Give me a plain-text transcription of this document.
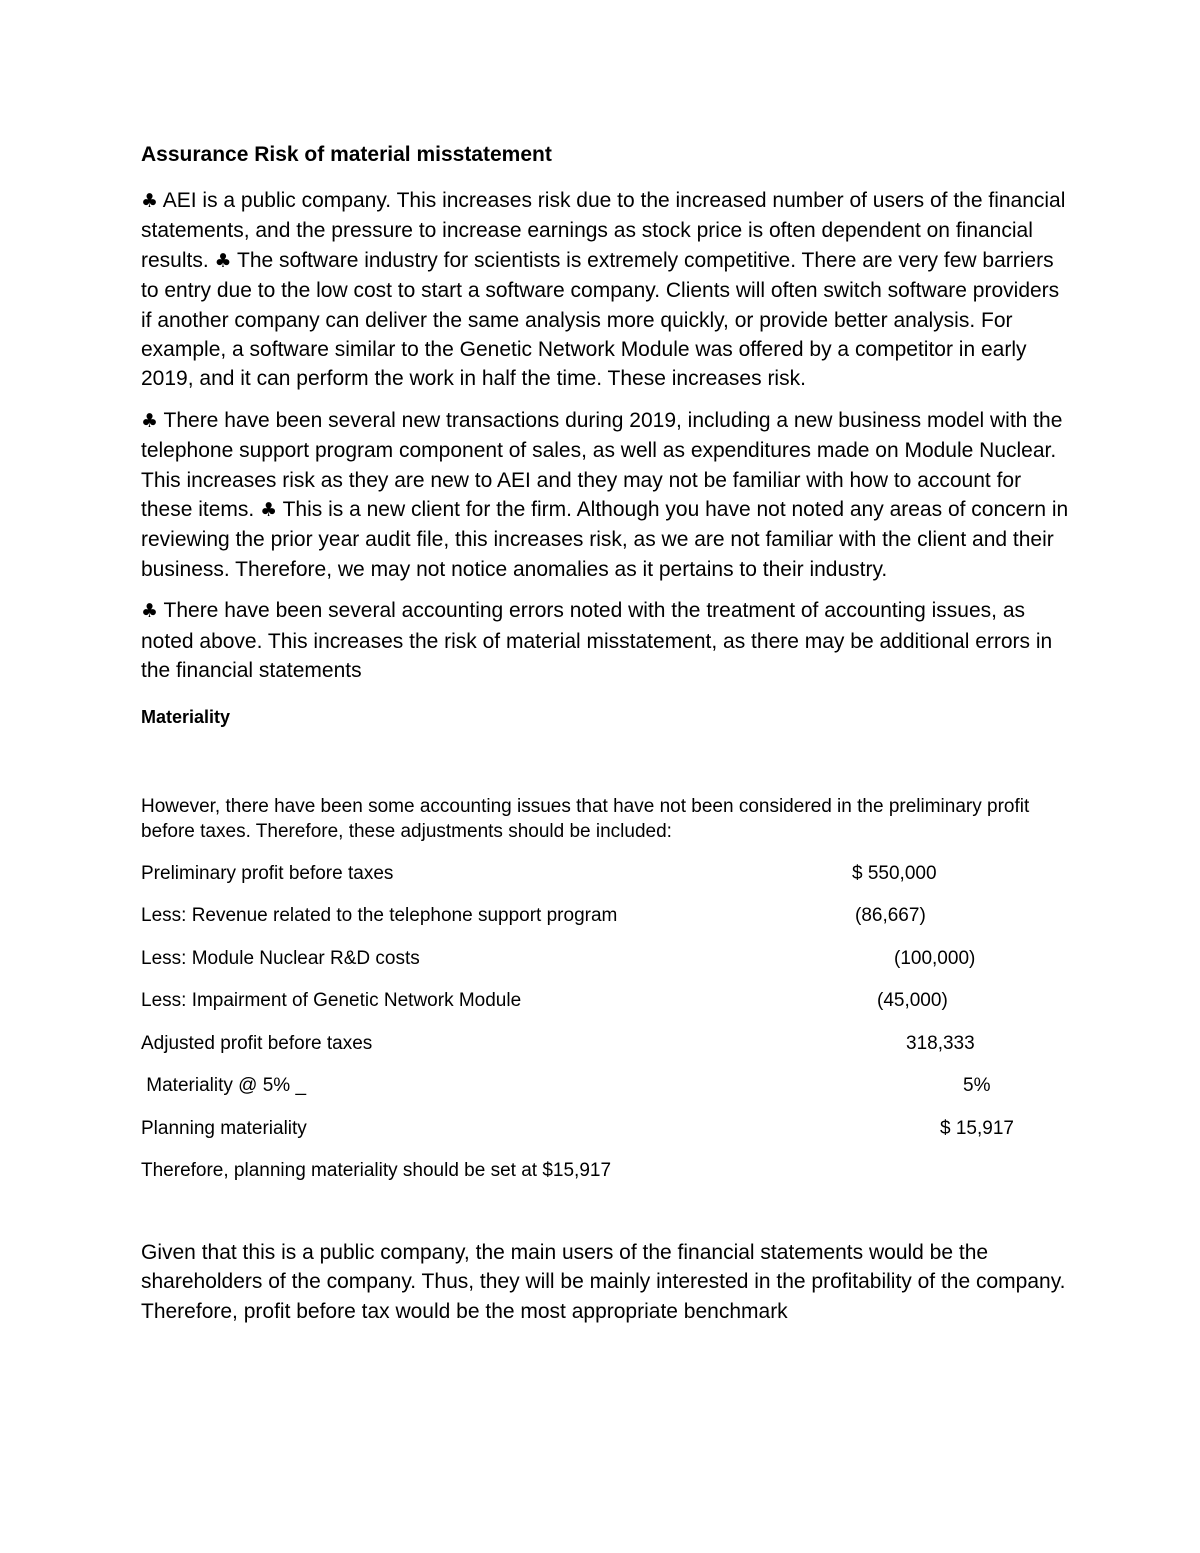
Assurance Risk of material misstatement

♣ AEI is a public company. This increases risk due to the increased number of users of the financial statements, and the pressure to increase earnings as stock price is often dependent on financial results. ♣ The software industry for scientists is extremely competitive. There are very few barriers to entry due to the low cost to start a software company. Clients will often switch software providers if another company can deliver the same analysis more quickly, or provide better analysis. For example, a software similar to the Genetic Network Module was offered by a competitor in early 2019, and it can perform the work in half the time. These increases risk.

♣ There have been several new transactions during 2019, including a new business model with the telephone support program component of sales, as well as expenditures made on Module Nuclear. This increases risk as they are new to AEI and they may not be familiar with how to account for these items. ♣ This is a new client for the firm. Although you have not noted any areas of concern in reviewing the prior year audit file, this increases risk, as we are not familiar with the client and their business. Therefore, we may not notice anomalies as it pertains to their industry.

♣ There have been several accounting errors noted with the treatment of accounting issues, as noted above. This increases the risk of material misstatement, as there may be additional errors in the financial statements

Materiality

However, there have been some accounting issues that have not been considered in the preliminary profit before taxes. Therefore, these adjustments should be included:

Preliminary profit before taxes	$ 550,000
Less: Revenue related to the telephone support program	(86,667)
Less: Module Nuclear R&D costs	(100,000)
Less: Impairment of Genetic Network Module	(45,000)
Adjusted profit before taxes	318,333
Materiality @ 5% _	5%
Planning materiality	$ 15,917

Therefore, planning materiality should be set at $15,917

Given that this is a public company, the main users of the financial statements would be the shareholders of the company. Thus, they will be mainly interested in the profitability of the company. Therefore, profit before tax would be the most appropriate benchmark
